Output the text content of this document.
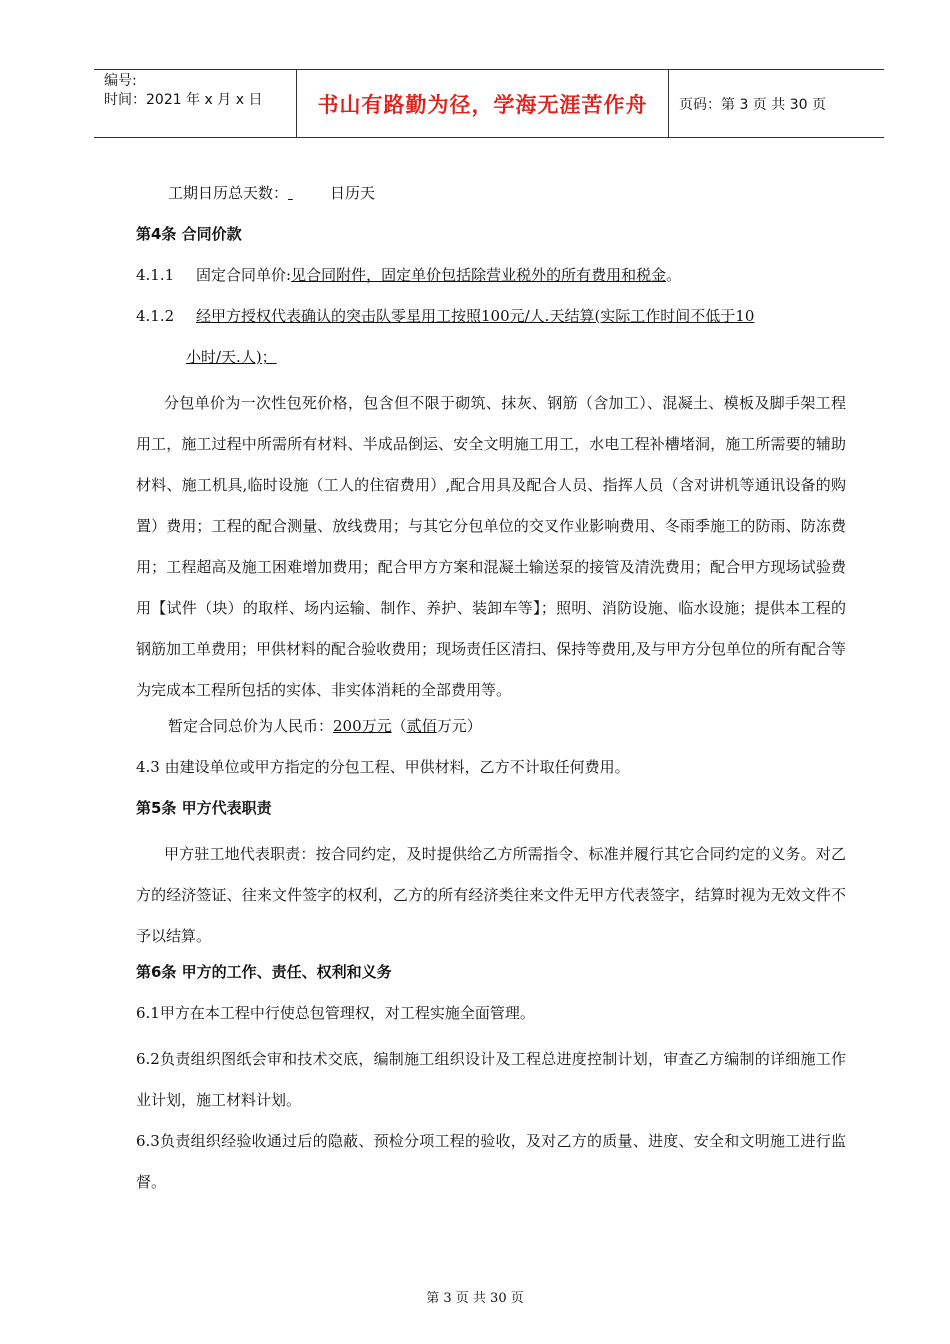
编号:
时间：2021 年 x 月 x 日	书山有路勤为径，学海无涯苦作舟 页码：第 3 页 共 30 页
工期日历总天数：	日历天
第4条 合同价款
4.1.1 固定合同单价:见合同附件，固定单价包括除营业税外的所有费用和税金。
4.1.2 经甲方授权代表确认的突击队零星用工按照100元/人.天结算(实际工作时间不低于10
小时/天.人)；
分包单价为一次性包死价格，包含但不限于砌筑、抹灰、钢筋（含加工）、混凝土、模板及脚手架工程用工，施工过程中所需所有材料、半成品倒运、安全文明施工用工，水电工程补槽堵洞，施工所需要的辅助材料、施工机具,临时设施（工人的住宿费用）,配合用具及配合人员、指挥人员（含对讲机等通讯设备的购置）费用；工程的配合测量、放线费用；与其它分包单位的交叉作业影响费用、冬雨季施工的防雨、防冻费用；工程超高及施工困难增加费用；配合甲方方案和混凝土输送泵的接管及清洗费用；配合甲方现场试验费用【试件（块）的取样、场内运输、制作、养护、装卸车等】；照明、消防设施、临水设施；提供本工程的钢筋加工单费用；甲供材料的配合验收费用；现场责任区清扫、保持等费用,及与甲方分包单位的所有配合等为完成本工程所包括的实体、非实体消耗的全部费用等。
暂定合同总价为人民币：200万元（贰佰万元）
4.3 由建设单位或甲方指定的分包工程、甲供材料，乙方不计取任何费用。
第5条 甲方代表职责
甲方驻工地代表职责：按合同约定，及时提供给乙方所需指令、标准并履行其它合同约定的义务。对乙方的经济签证、往来文件签字的权利，乙方的所有经济类往来文件无甲方代表签字，结算时视为无效文件不予以结算。
第6条 甲方的工作、责任、权利和义务
6.1甲方在本工程中行使总包管理权，对工程实施全面管理。
6.2负责组织图纸会审和技术交底，编制施工组织设计及工程总进度控制计划，审查乙方编制的详细施工作业计划，施工材料计划。
6.3负责组织经验收通过后的隐蔽、预检分项工程的验收，及对乙方的质量、进度、安全和文明施工进行监督。
第 3 页 共 30 页
